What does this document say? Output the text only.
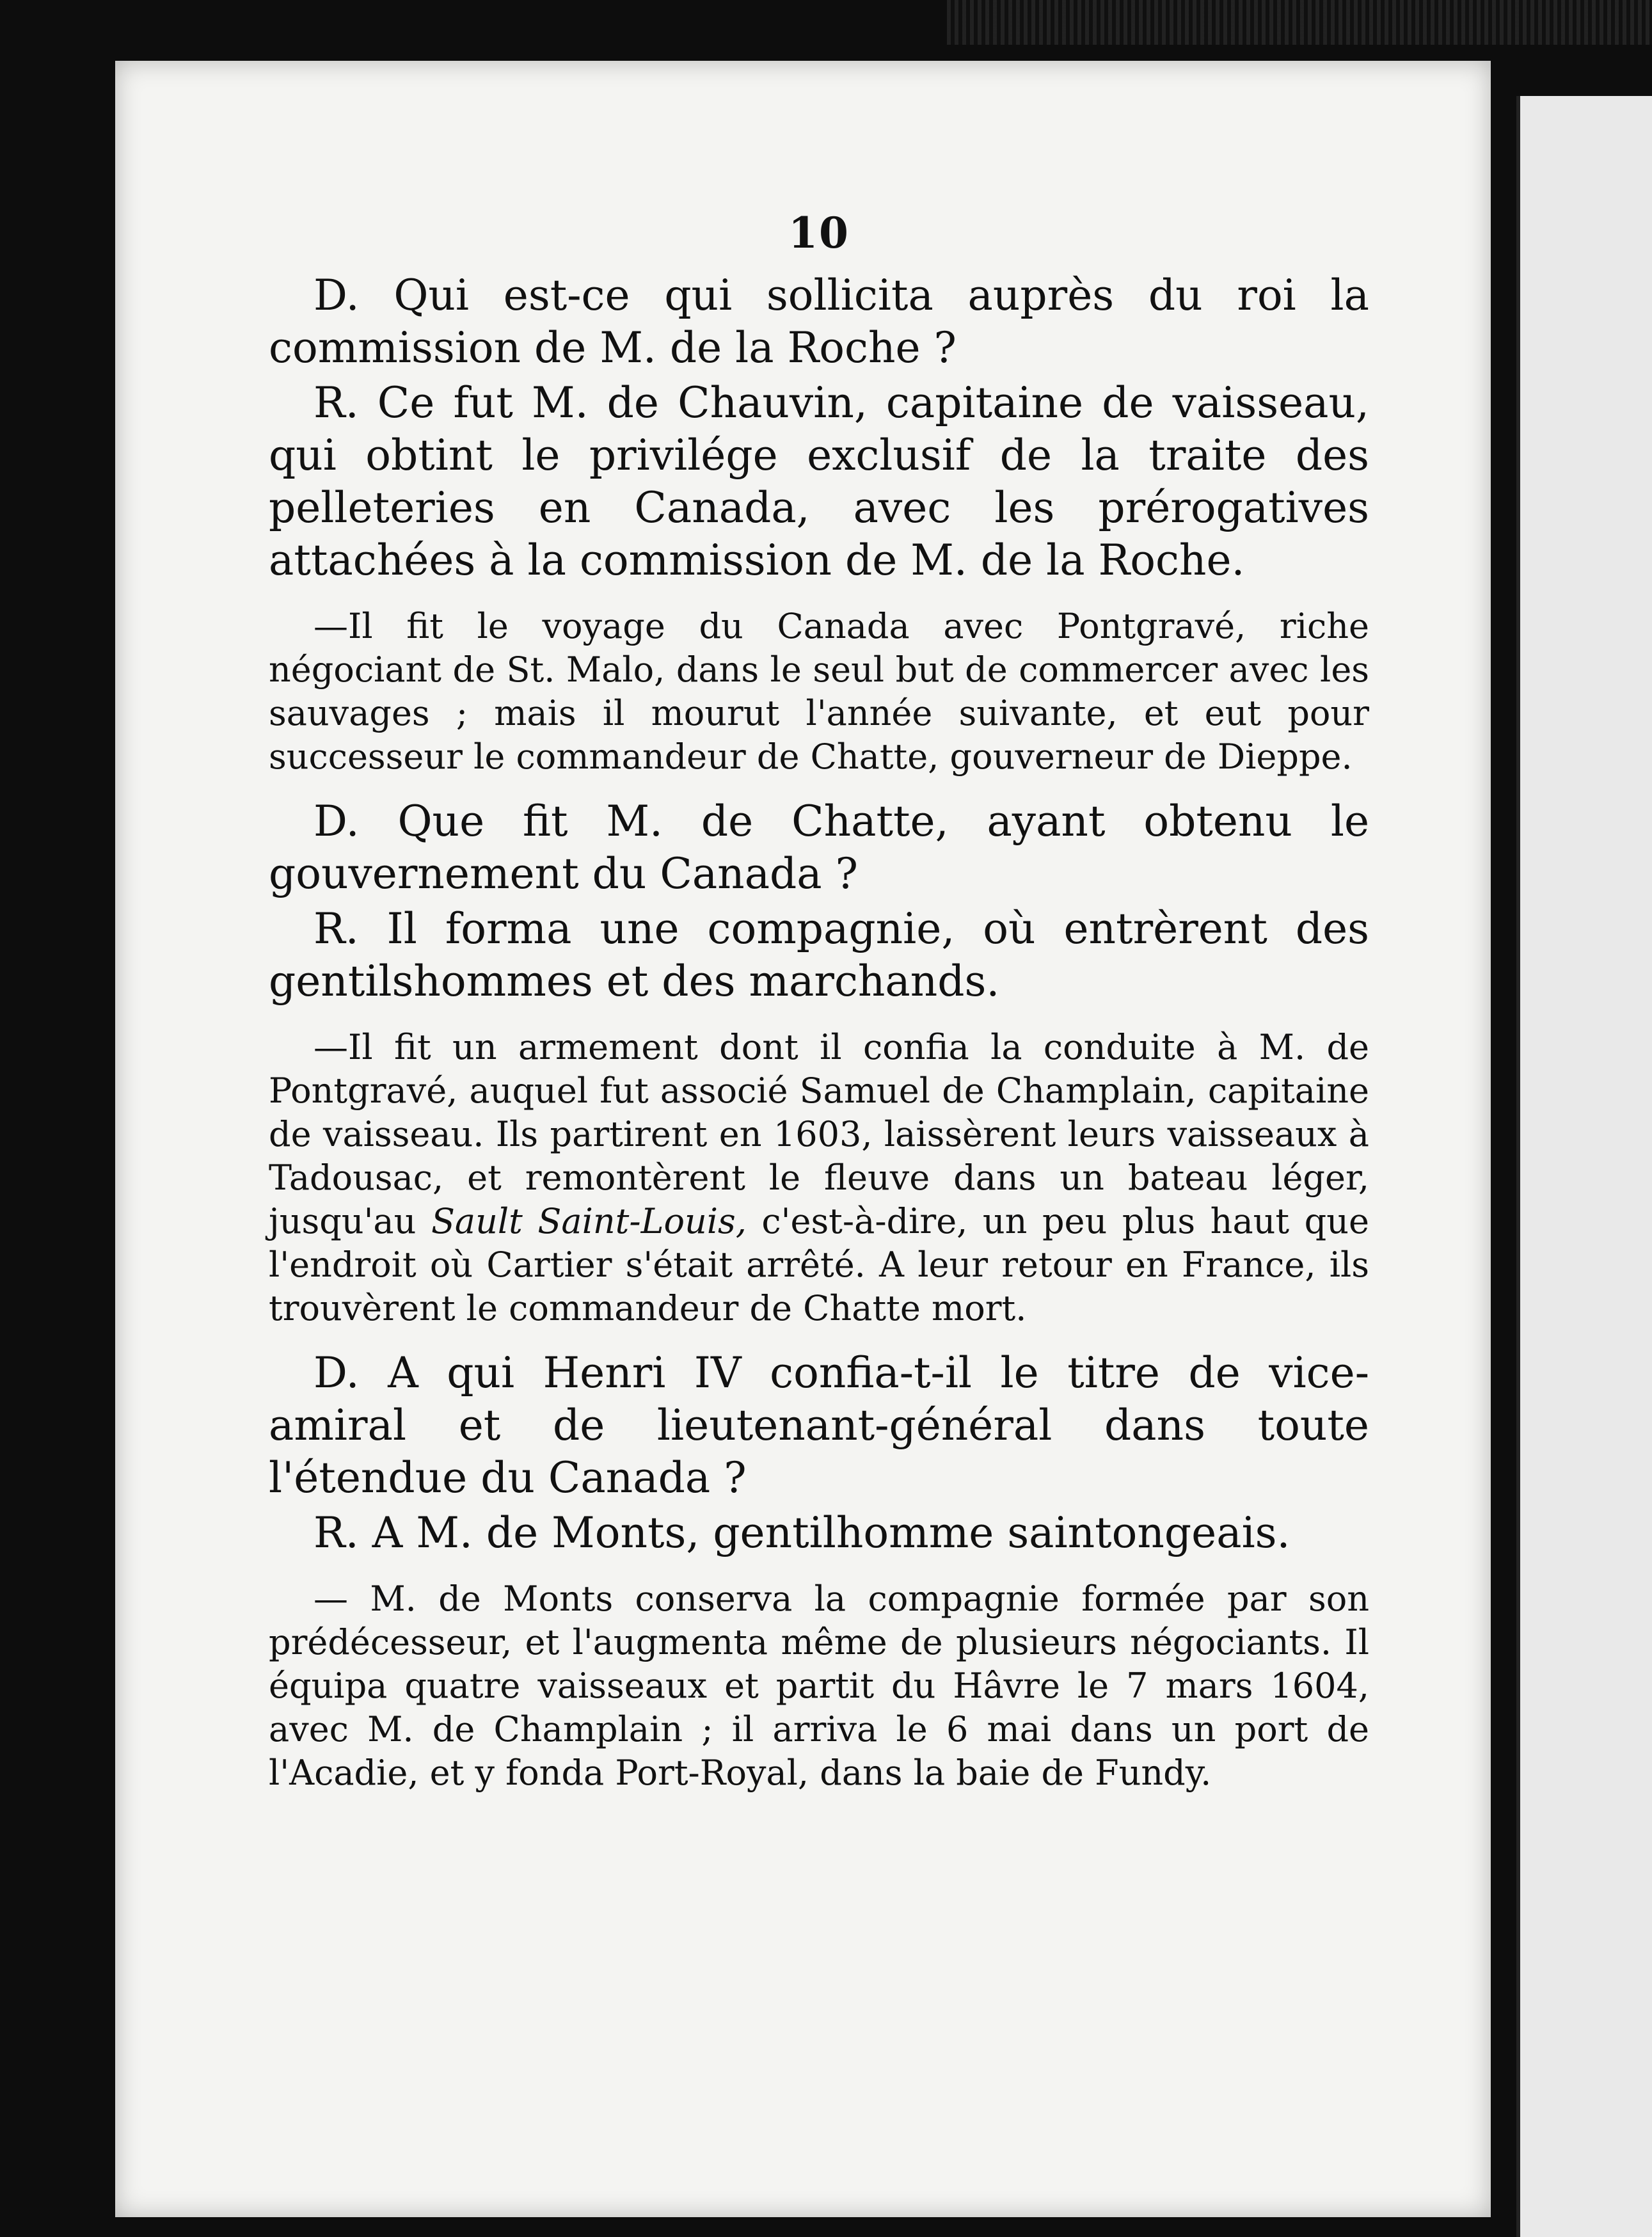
10

D. Qui est-ce qui sollicita auprès du roi la commission de M. de la Roche ?

R. Ce fut M. de Chauvin, capitaine de vaisseau, qui obtint le privilége exclusif de la traite des pelleteries en Canada, avec les prérogatives attachées à la commission de M. de la Roche.

—Il fit le voyage du Canada avec Pontgravé, riche négociant de St. Malo, dans le seul but de commercer avec les sauvages ; mais il mourut l'année suivante, et eut pour successeur le commandeur de Chatte, gouverneur de Dieppe.

D. Que fit M. de Chatte, ayant obtenu le gouvernement du Canada ?

R. Il forma une compagnie, où entrèrent des gentilshommes et des marchands.

—Il fit un armement dont il confia la conduite à M. de Pontgravé, auquel fut associé Samuel de Champlain, capitaine de vaisseau. Ils partirent en 1603, laissèrent leurs vaisseaux à Tadousac, et remontèrent le fleuve dans un bateau léger, jusqu'au Sault Saint-Louis, c'est-à-dire, un peu plus haut que l'endroit où Cartier s'était arrêté. A leur retour en France, ils trouvèrent le commandeur de Chatte mort.

D. A qui Henri IV confia-t-il le titre de vice-amiral et de lieutenant-général dans toute l'étendue du Canada ?

R. A M. de Monts, gentilhomme saintongeais.

— M. de Monts conserva la compagnie formée par son prédécesseur, et l'augmenta même de plusieurs négociants. Il équipa quatre vaisseaux et partit du Hâvre le 7 mars 1604, avec M. de Champlain ; il arriva le 6 mai dans un port de l'Acadie, et y fonda Port-Royal, dans la baie de Fundy.
